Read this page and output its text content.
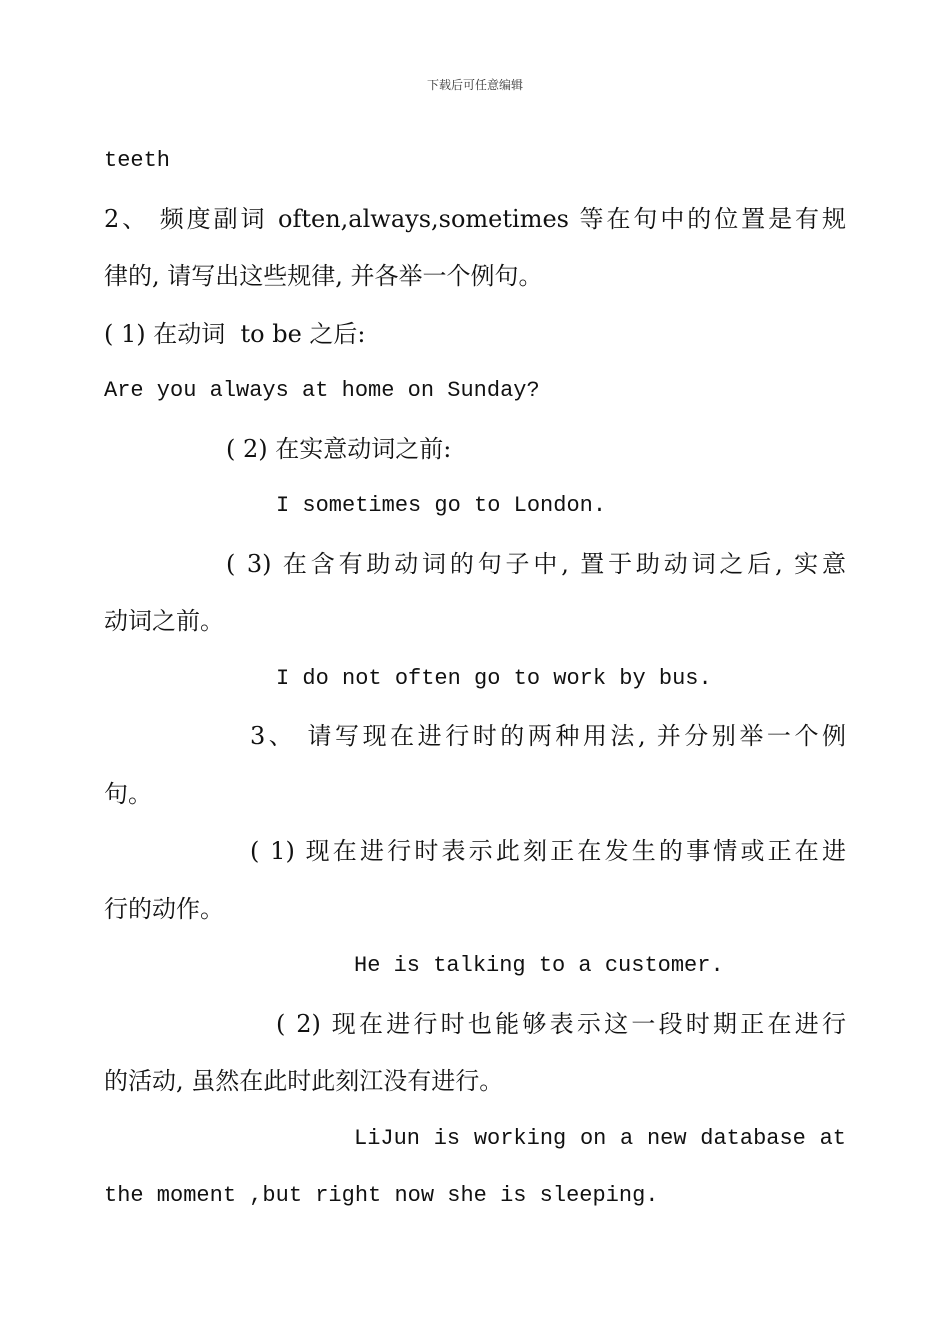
下载后可任意编辑
teeth
2、 频度副词 often,always,sometimes 等在句中的位置是有规
律的, 请写出这些规律, 并各举一个例句。
( 1) 在动词  to be 之后:
Are you always at home on Sunday?
( 2) 在实意动词之前:
I sometimes go to London.
( 3) 在含有助动词的句子中, 置于助动词之后, 实意
动词之前。
I do not often go to work by bus.
3、 请写现在进行时的两种用法, 并分别举一个例
句。
( 1) 现在进行时表示此刻正在发生的事情或正在进
行的动作。
He is talking to a customer.
( 2) 现在进行时也能够表示这一段时期正在进行
的活动, 虽然在此时此刻江没有进行。
LiJun is working on a new database at
the moment ,but right now she is sleeping.
